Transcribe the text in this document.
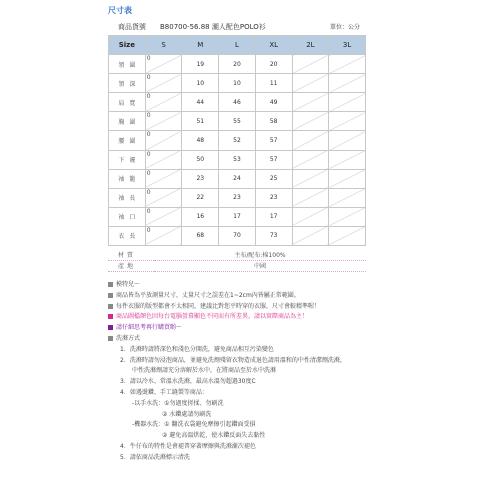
尺寸表
商品貨號　　B80700-56.88 潮人配色POLO衫	單位：公分
Size	S	M	L	XL	2L	3L
領圍	0	19	20	20		
領深	0	10	10	11		
肩寬	0	44	46	49		
胸圍	0	51	55	58		
腰圍	0	48	52	57		
下襬	0	50	53	57		
袖籠	0	23	24	25		
袖長	0	22	23	23		
袖口	0	16	17	17		
衣長	0	68	70	73		
材質	主布/配布:棉100%
產地	中國
模特兒～
商品皆為平放測量尺寸，丈量尺寸之誤差在1~2cm內皆屬正常範圍。
每件衣服的版型都會不太相同，建議比對您平時穿的衣服，尺寸會較精準喔！
商品圖檔顏色因每台電腦螢幕顯色不同而有所差異，請以實際商品為主！
請仔細思考再行購買喲～
洗滌方式
1．洗滌時請將深色和淺色分開洗，避免商品相互污染變色
2．洗滌時請勿浸泡商品，並避免洗劑殘留衣物造成退色請用溫和的中性清潔劑洗滌，
中性洗滌劑請充分溶解於水中，在將商品至於水中洗滌
3．請以冷水、常溫水洗滌，最高水溫勿超過30度C
4．如遇燙鑽、手工縫製等商品：
-以手水洗：①勿過度搓揉、勿刷洗
② 水鑽處請勿刷洗
-機器水洗：① 翻洗衣袋避免摩擦引起鑽面受損
② 避免高溫烘乾，使水鑽反面失去黏性
4．牛仔布的特性是會褪普穿著摩擦與洗滌漸次褪色
5．請依商品洗滌標示清洗
